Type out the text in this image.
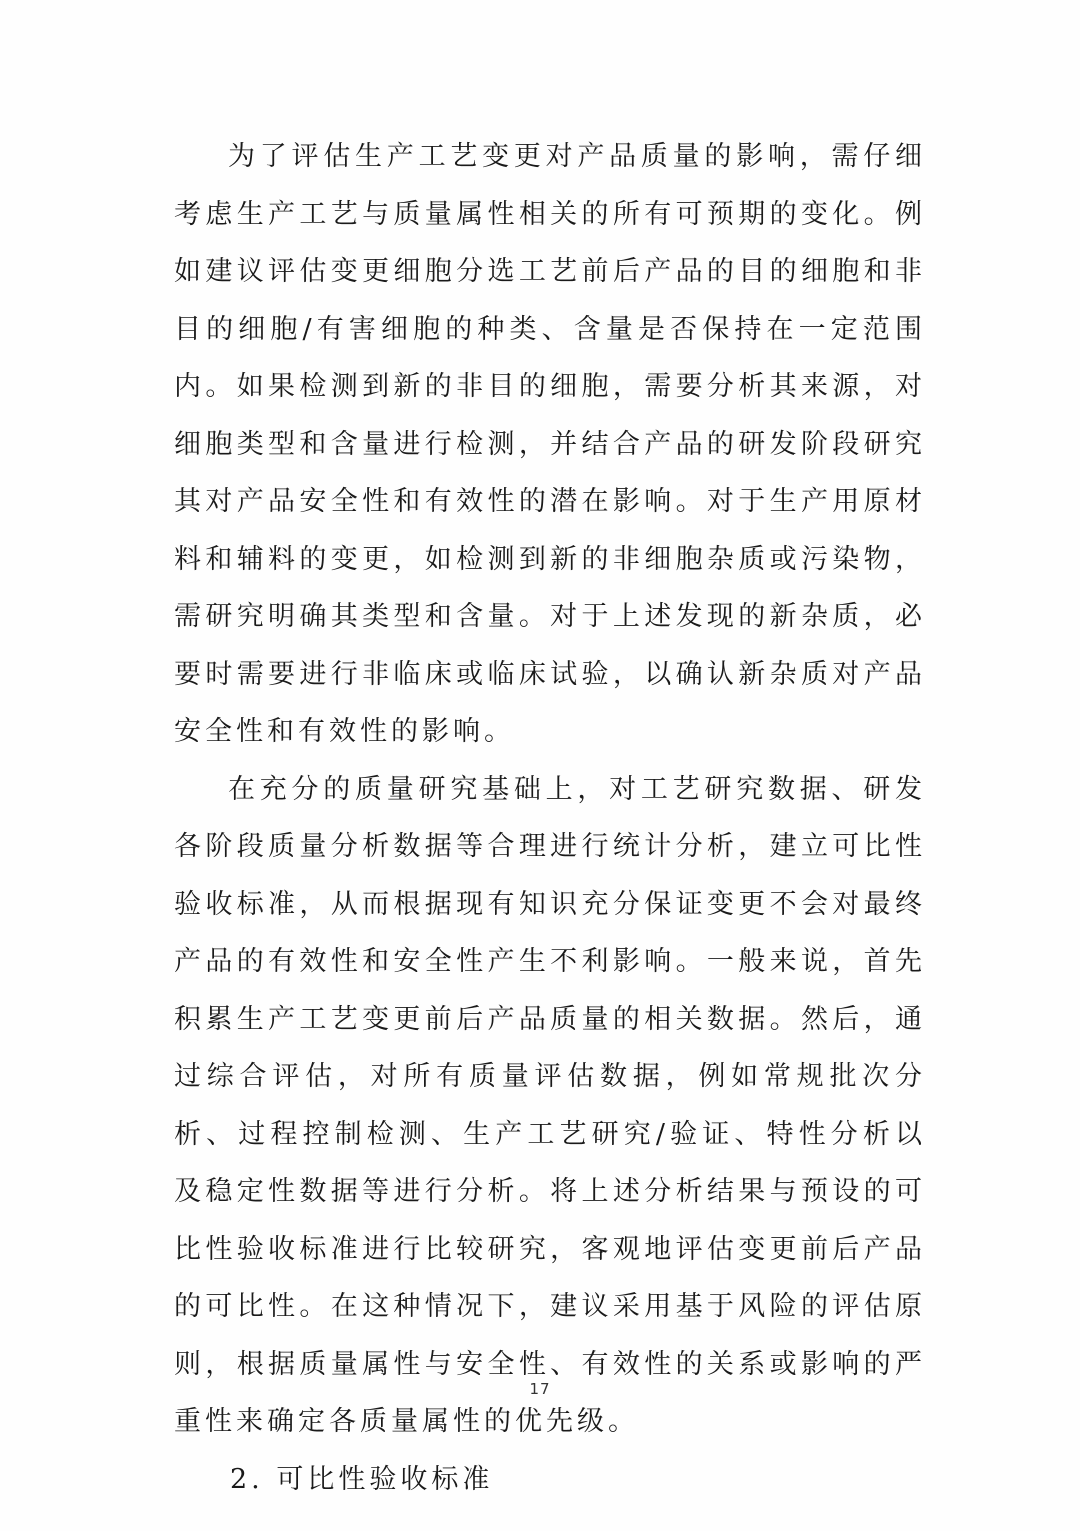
为了评估生产工艺变更对产品质量的影响，需仔细考虑生产工艺与质量属性相关的所有可预期的变化。例如建议评估变更细胞分选工艺前后产品的目的细胞和非目的细胞/有害细胞的种类、含量是否保持在一定范围内。如果检测到新的非目的细胞，需要分析其来源，对细胞类型和含量进行检测，并结合产品的研发阶段研究其对产品安全性和有效性的潜在影响。对于生产用原材料和辅料的变更，如检测到新的非细胞杂质或污染物，需研究明确其类型和含量。对于上述发现的新杂质，必要时需要进行非临床或临床试验，以确认新杂质对产品安全性和有效性的影响。

在充分的质量研究基础上，对工艺研究数据、研发各阶段质量分析数据等合理进行统计分析，建立可比性验收标准，从而根据现有知识充分保证变更不会对最终产品的有效性和安全性产生不利影响。一般来说，首先积累生产工艺变更前后产品质量的相关数据。然后，通过综合评估，对所有质量评估数据，例如常规批次分析、过程控制检测、生产工艺研究/验证、特性分析以及稳定性数据等进行分析。将上述分析结果与预设的可比性验收标准进行比较研究，客观地评估变更前后产品的可比性。在这种情况下，建议采用基于风险的评估原则，根据质量属性与安全性、有效性的关系或影响的严重性来确定各质量属性的优先级。

2. 可比性验收标准

17
